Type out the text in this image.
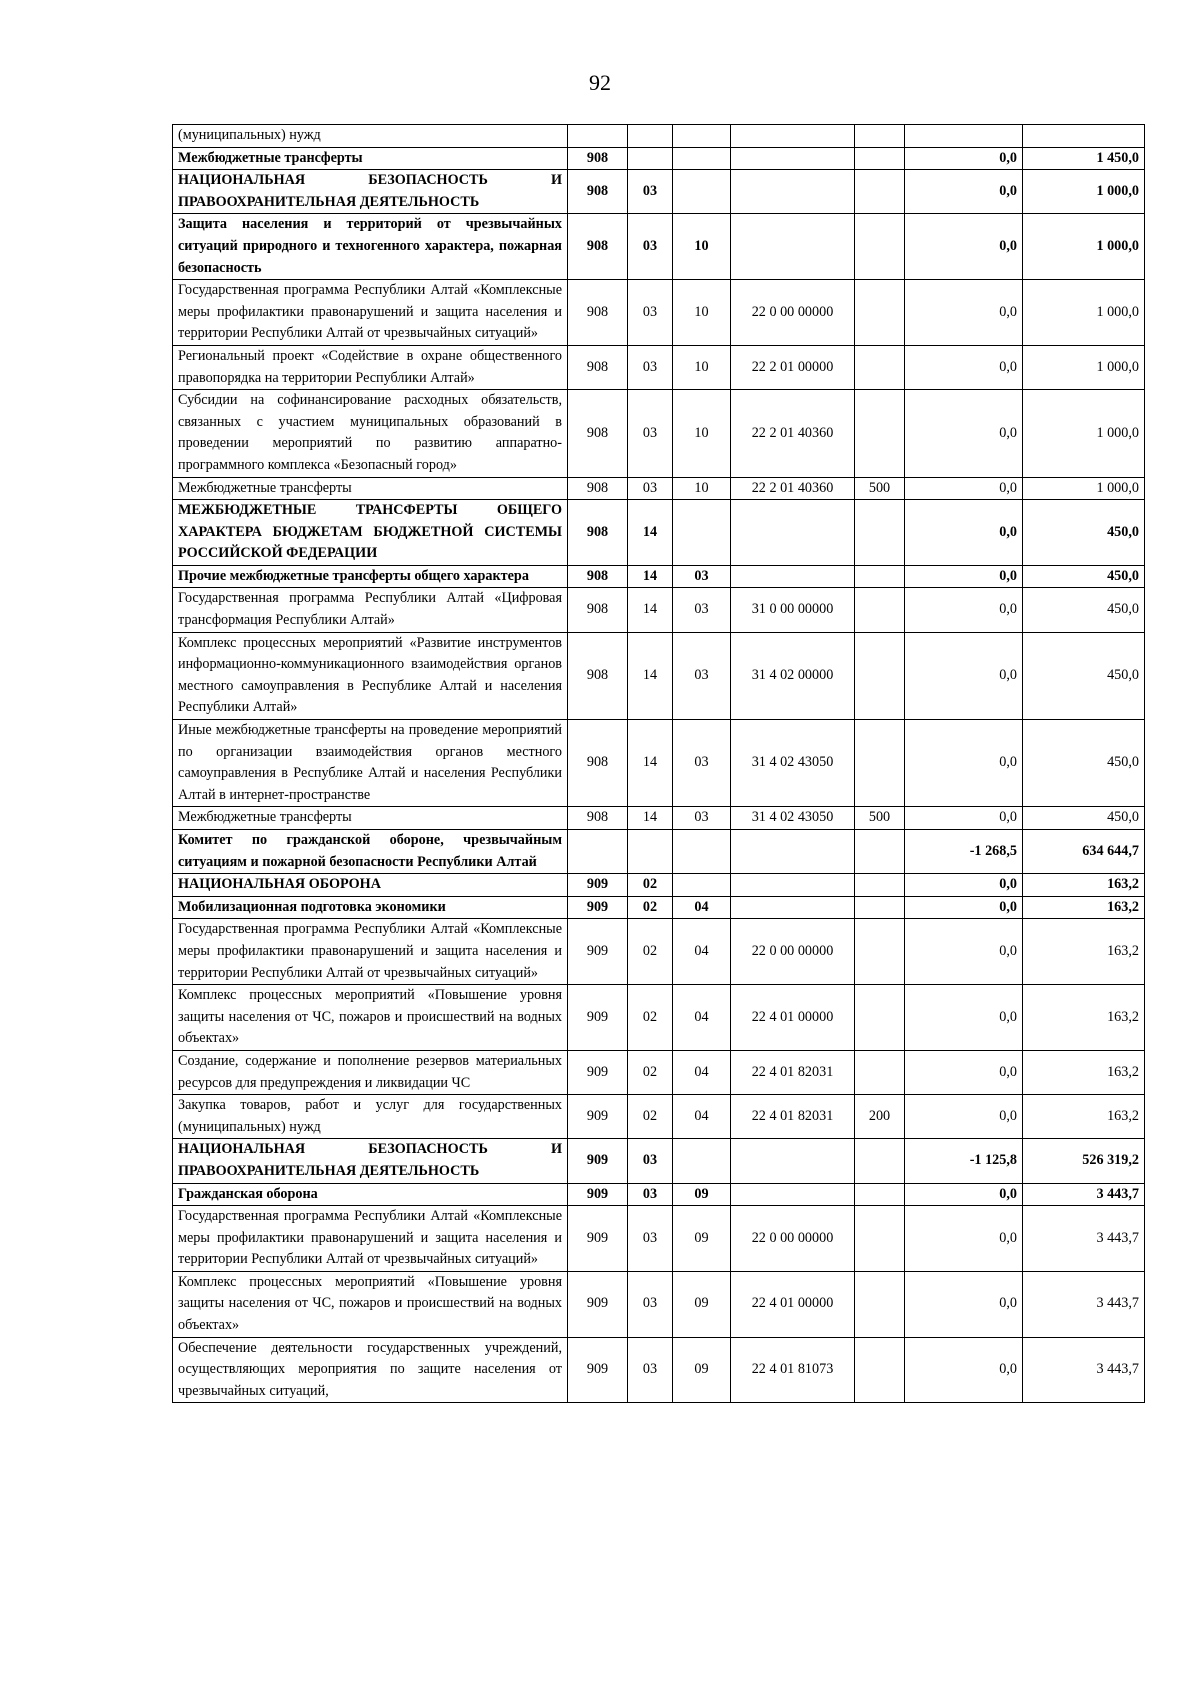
92
(муниципальных) нужд							
Межбюджетные трансферты	908					0,0	1 450,0
НАЦИОНАЛЬНАЯ БЕЗОПАСНОСТЬ И ПРАВООХРАНИТЕЛЬНАЯ ДЕЯТЕЛЬНОСТЬ	908	03				0,0	1 000,0
Защита населения и территорий от чрезвычайных ситуаций природного и техногенного характера, пожарная безопасность	908	03	10			0,0	1 000,0
Государственная программа Республики Алтай «Комплексные меры профилактики правонарушений и защита населения и территории Республики Алтай от чрезвычайных ситуаций»	908	03	10	22 0 00 00000		0,0	1 000,0
Региональный проект «Содействие в охране общественного правопорядка на территории Республики Алтай»	908	03	10	22 2 01 00000		0,0	1 000,0
Субсидии на софинансирование расходных обязательств, связанных с участием муниципальных образований в проведении мероприятий по развитию аппаратно-программного комплекса «Безопасный город»	908	03	10	22 2 01 40360		0,0	1 000,0
Межбюджетные трансферты	908	03	10	22 2 01 40360	500	0,0	1 000,0
МЕЖБЮДЖЕТНЫЕ ТРАНСФЕРТЫ ОБЩЕГО ХАРАКТЕРА БЮДЖЕТАМ БЮДЖЕТНОЙ СИСТЕМЫ РОССИЙСКОЙ ФЕДЕРАЦИИ	908	14				0,0	450,0
Прочие межбюджетные трансферты общего характера	908	14	03			0,0	450,0
Государственная программа Республики Алтай «Цифровая трансформация Республики Алтай»	908	14	03	31 0 00 00000		0,0	450,0
Комплекс процессных мероприятий «Развитие инструментов информационно-коммуникационного взаимодействия органов местного самоуправления в Республике Алтай и населения Республики Алтай»	908	14	03	31 4 02 00000		0,0	450,0
Иные межбюджетные трансферты на проведение мероприятий по организации взаимодействия органов местного самоуправления в Республике Алтай и населения Республики Алтай в интернет-пространстве	908	14	03	31 4 02 43050		0,0	450,0
Межбюджетные трансферты	908	14	03	31 4 02 43050	500	0,0	450,0
Комитет по гражданской обороне, чрезвычайным ситуациям и пожарной безопасности Республики Алтай						-1 268,5	634 644,7
НАЦИОНАЛЬНАЯ ОБОРОНА	909	02				0,0	163,2
Мобилизационная подготовка экономики	909	02	04			0,0	163,2
Государственная программа Республики Алтай «Комплексные меры профилактики правонарушений и защита населения и территории Республики Алтай от чрезвычайных ситуаций»	909	02	04	22 0 00 00000		0,0	163,2
Комплекс процессных мероприятий «Повышение уровня защиты населения от ЧС, пожаров и происшествий на водных объектах»	909	02	04	22 4 01 00000		0,0	163,2
Создание, содержание и пополнение резервов материальных ресурсов для предупреждения и ликвидации ЧС	909	02	04	22 4 01 82031		0,0	163,2
Закупка товаров, работ и услуг для государственных (муниципальных) нужд	909	02	04	22 4 01 82031	200	0,0	163,2
НАЦИОНАЛЬНАЯ БЕЗОПАСНОСТЬ И ПРАВООХРАНИТЕЛЬНАЯ ДЕЯТЕЛЬНОСТЬ	909	03				-1 125,8	526 319,2
Гражданская оборона	909	03	09			0,0	3 443,7
Государственная программа Республики Алтай «Комплексные меры профилактики правонарушений и защита населения и территории Республики Алтай от чрезвычайных ситуаций»	909	03	09	22 0 00 00000		0,0	3 443,7
Комплекс процессных мероприятий «Повышение уровня защиты населения от ЧС, пожаров и происшествий на водных объектах»	909	03	09	22 4 01 00000		0,0	3 443,7
Обеспечение деятельности государственных учреждений, осуществляющих мероприятия по защите населения от чрезвычайных ситуаций,	909	03	09	22 4 01 81073		0,0	3 443,7
